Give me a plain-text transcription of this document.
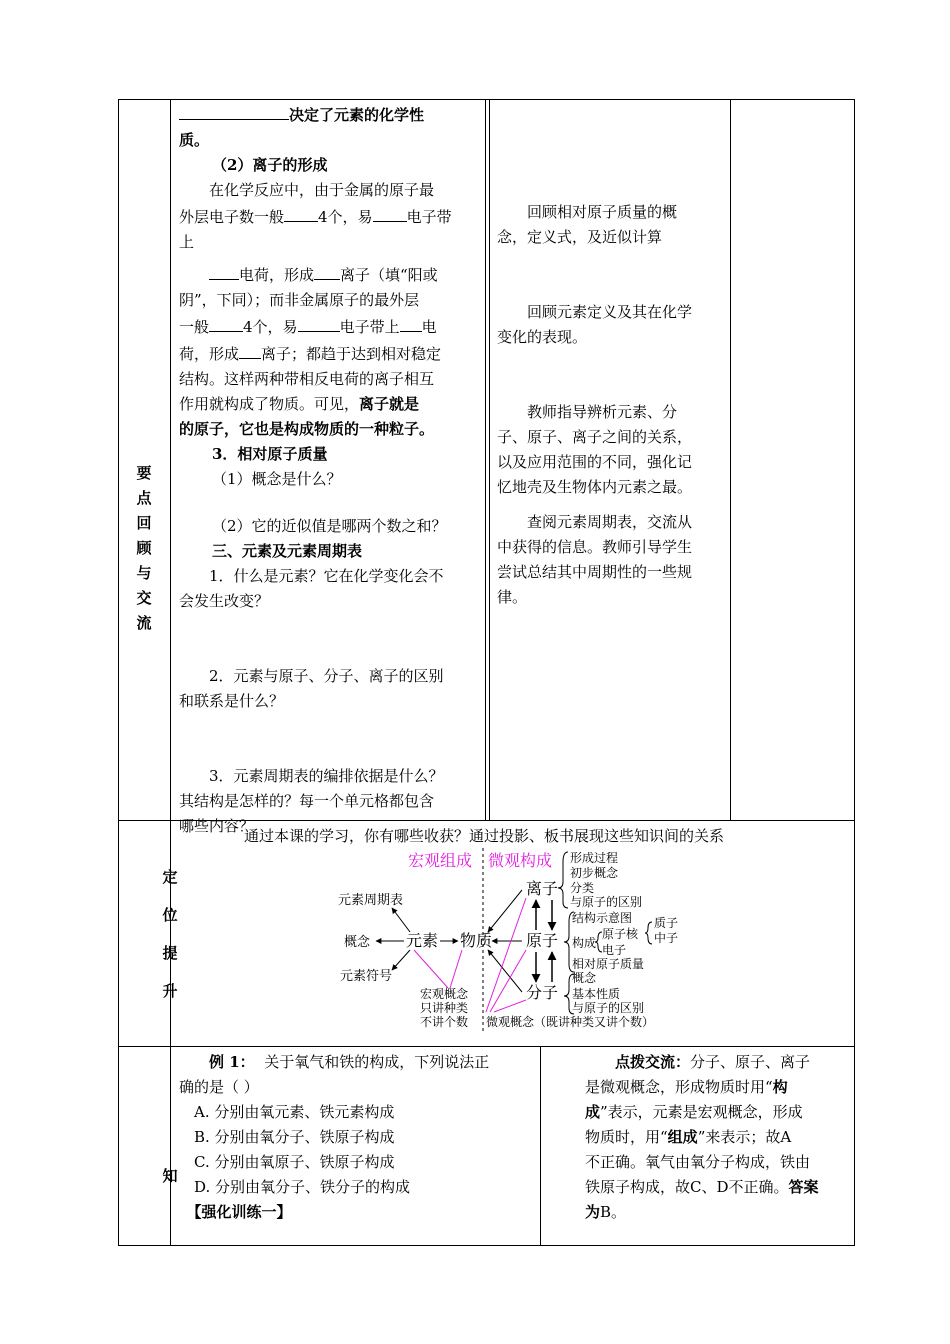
要
点
回
顾
与
交
流

决定了元素的化学性

质。

（2）离子的形成

在化学反应中，由于金属的原子最

外层电子数一般 4个，易 电子带

上

电荷，形成 离子（填“阳或

阴”，下同）；而非金属原子的最外层

一般 4个，易	电子带上 电

荷，形成 离子；都趋于达到相对稳定

结构。这样两种带相反电荷的离子相互

作用就构成了物质。可见，离子就是

的原子，它也是构成物质的一种粒子。

3．相对原子质量

（1）概念是什么？

（2）它的近似值是哪两个数之和？

三、元素及元素周期表

1．什么是元素？它在化学变化会不

会发生改变？

2．元素与原子、分子、离子的区别

和联系是什么？

3．元素周期表的编排依据是什么？

其结构是怎样的？每一个单元格都包含

哪些内容？

回顾相对原子质量的概

念，定义式，及近似计算

回顾元素定义及其在化学

变化的表现。

教师指导辨析元素、分

子、原子、离子之间的关系，

以及应用范围的不同，强化记

忆地壳及生物体内元素之最。

查阅元素周期表，交流从

中获得的信息。教师引导学生

尝试总结其中周期性的一些规

律。

定
位
提
升
通过本课的学习，你有哪些收获？通过投影、板书展现这些知识间的关系
宏观组成 微观构成
元素周期表
概念
元素符号
元素 物质
离子
原子
分子
形成过程
初步概念
分类
与原子的区别
结构示意图
构成
原子核
电子
质子
中子
相对原子质量
概念
基本性质
与原子的区别
宏观概念
只讲种类
不讲个数 微观概念（既讲种类又讲个数）
知

例 1： 关于氧气和铁的构成，下列说法正

确的是（ ）

A. 分别由氧元素、铁元素构成

B. 分别由氧分子、铁原子构成

C. 分别由氧原子、铁原子构成

D. 分别由氧分子、铁分子的构成

【强化训练一】

点拨交流：分子、原子、离子

是微观概念，形成物质时用“构

成”表示，元素是宏观概念，形成

物质时，用“组成”来表示；故A

不正确。氧气由氧分子构成，铁由

铁原子构成，故C、D不正确。答案

为B。
